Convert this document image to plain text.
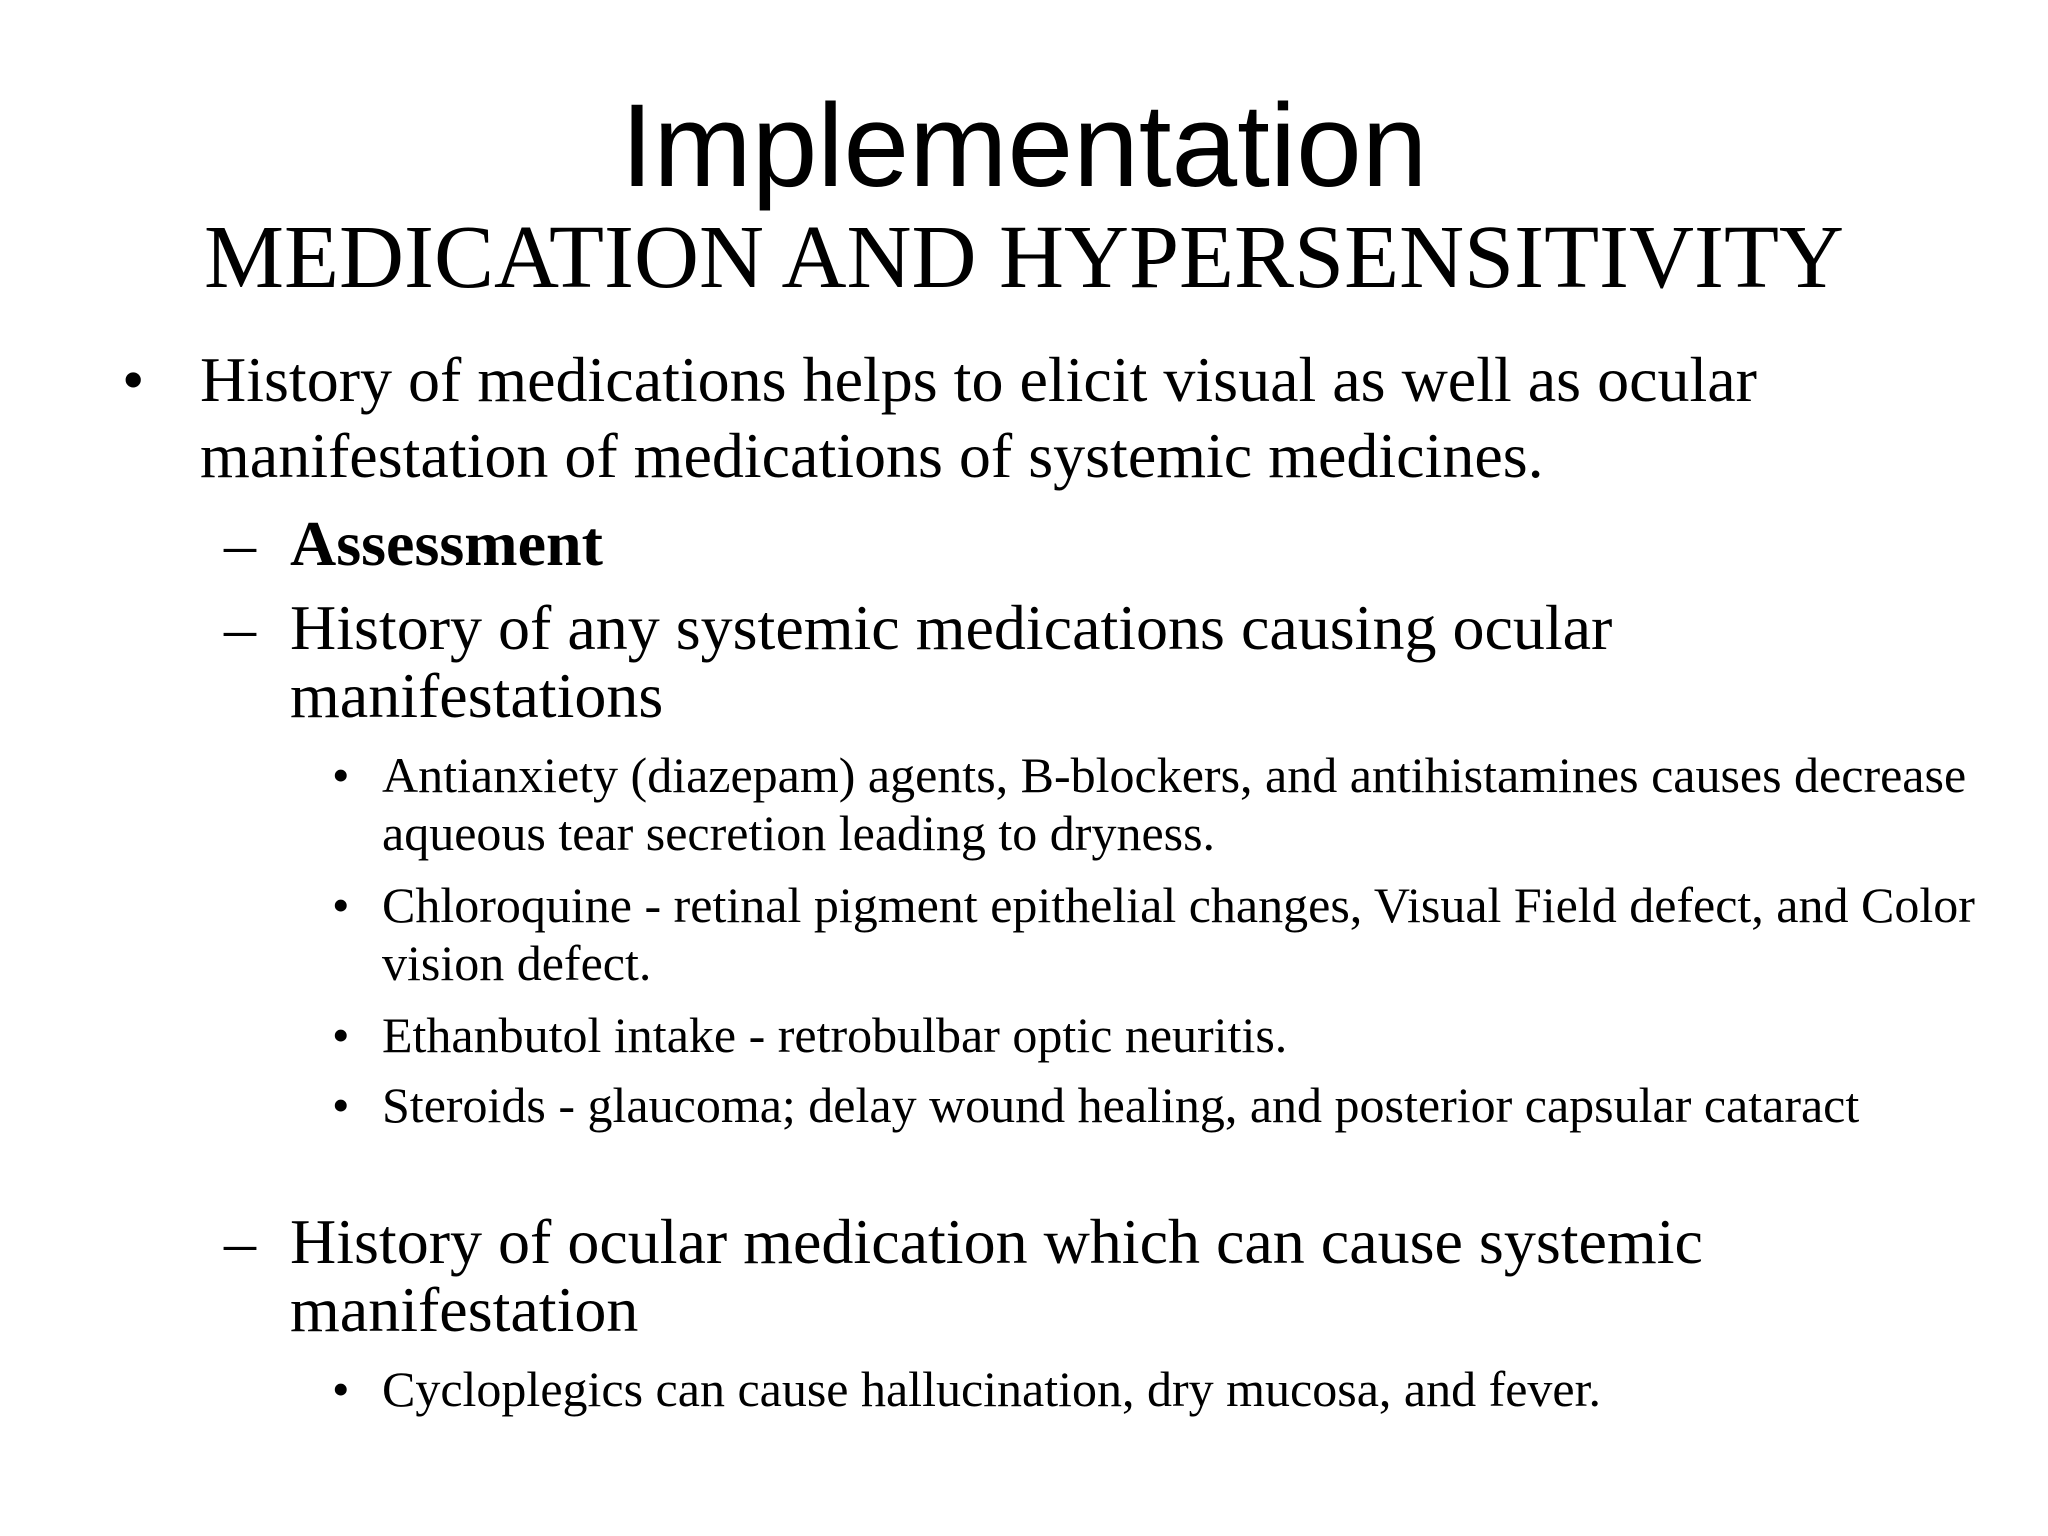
Implementation
MEDICATION AND HYPERSENSITIVITY
• History of medications helps to elicit visual as well as ocular manifestation of medications of systemic medicines.
– Assessment
– History of any systemic medications causing ocular manifestations
• Antianxiety (diazepam) agents, B-blockers, and antihistamines causes decrease aqueous tear secretion leading to dryness.
• Chloroquine - retinal pigment epithelial changes, Visual Field defect, and Color vision defect.
• Ethanbutol intake - retrobulbar optic neuritis.
• Steroids - glaucoma; delay wound healing, and posterior capsular cataract
– History of ocular medication which can cause systemic manifestation
• Cycloplegics can cause hallucination, dry mucosa, and fever.
